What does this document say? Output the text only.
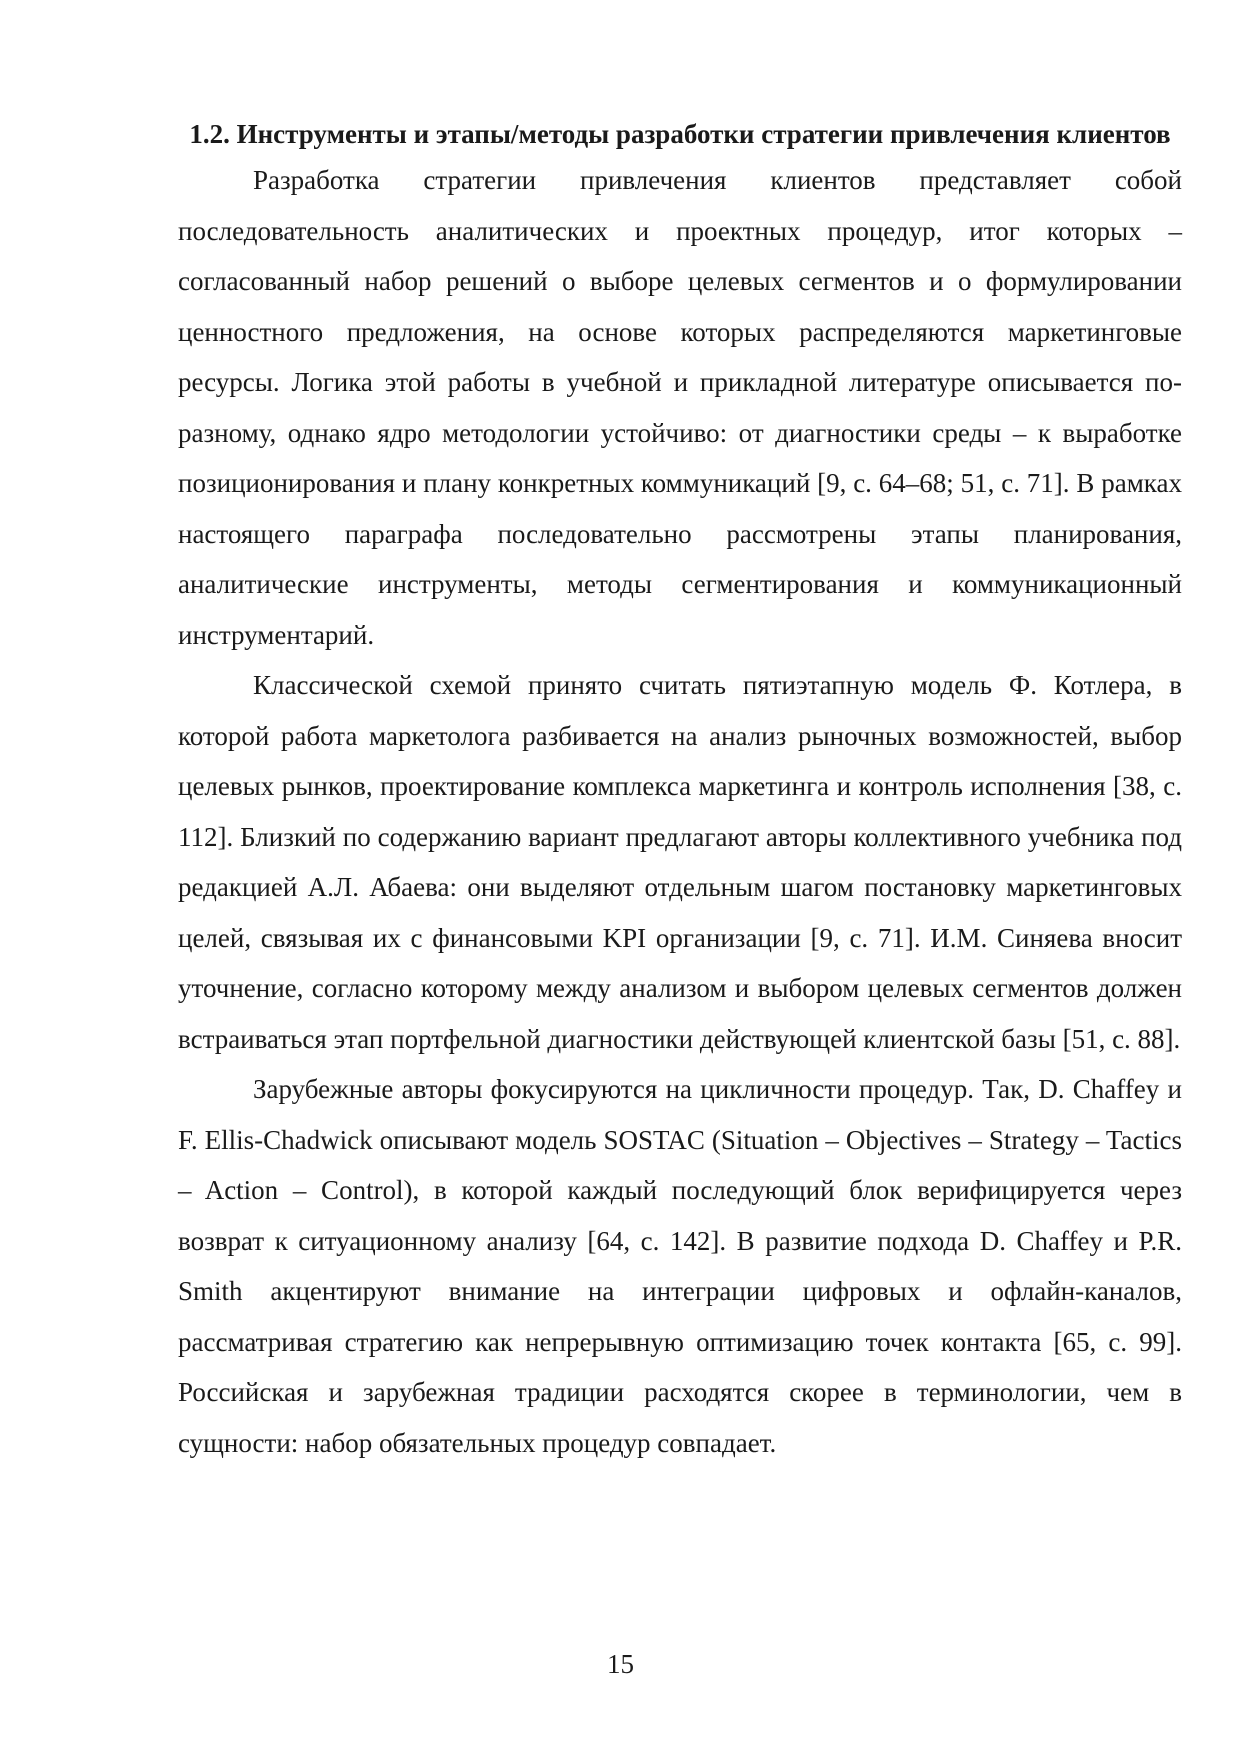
1.2. Инструменты и этапы/методы разработки стратегии привлечения клиентов

Разработка стратегии привлечения клиентов представляет собой последовательность аналитических и проектных процедур, итог которых – согласованный набор решений о выборе целевых сегментов и о формулировании ценностного предложения, на основе которых распределяются маркетинговые ресурсы. Логика этой работы в учебной и прикладной литературе описывается по-разному, однако ядро методологии устойчиво: от диагностики среды – к выработке позиционирования и плану конкретных коммуникаций [9, с. 64–68; 51, с. 71]. В рамках настоящего параграфа последовательно рассмотрены этапы планирования, аналитические инструменты, методы сегментирования и коммуникационный инструментарий.

Классической схемой принято считать пятиэтапную модель Ф. Котлера, в которой работа маркетолога разбивается на анализ рыночных возможностей, выбор целевых рынков, проектирование комплекса маркетинга и контроль исполнения [38, с. 112]. Близкий по содержанию вариант предлагают авторы коллективного учебника под редакцией А.Л. Абаева: они выделяют отдельным шагом постановку маркетинговых целей, связывая их с финансовыми KPI организации [9, с. 71]. И.М. Синяева вносит уточнение, согласно которому между анализом и выбором целевых сегментов должен встраиваться этап портфельной диагностики действующей клиентской базы [51, с. 88].

Зарубежные авторы фокусируются на цикличности процедур. Так, D. Chaffey и F. Ellis-Chadwick описывают модель SOSTAC (Situation – Objectives – Strategy – Tactics – Action – Control), в которой каждый последующий блок верифицируется через возврат к ситуационному анализу [64, с. 142]. В развитие подхода D. Chaffey и P.R. Smith акцентируют внимание на интеграции цифровых и офлайн-каналов, рассматривая стратегию как непрерывную оптимизацию точек контакта [65, с. 99]. Российская и зарубежная традиции расходятся скорее в терминологии, чем в сущности: набор обязательных процедур совпадает.

15
